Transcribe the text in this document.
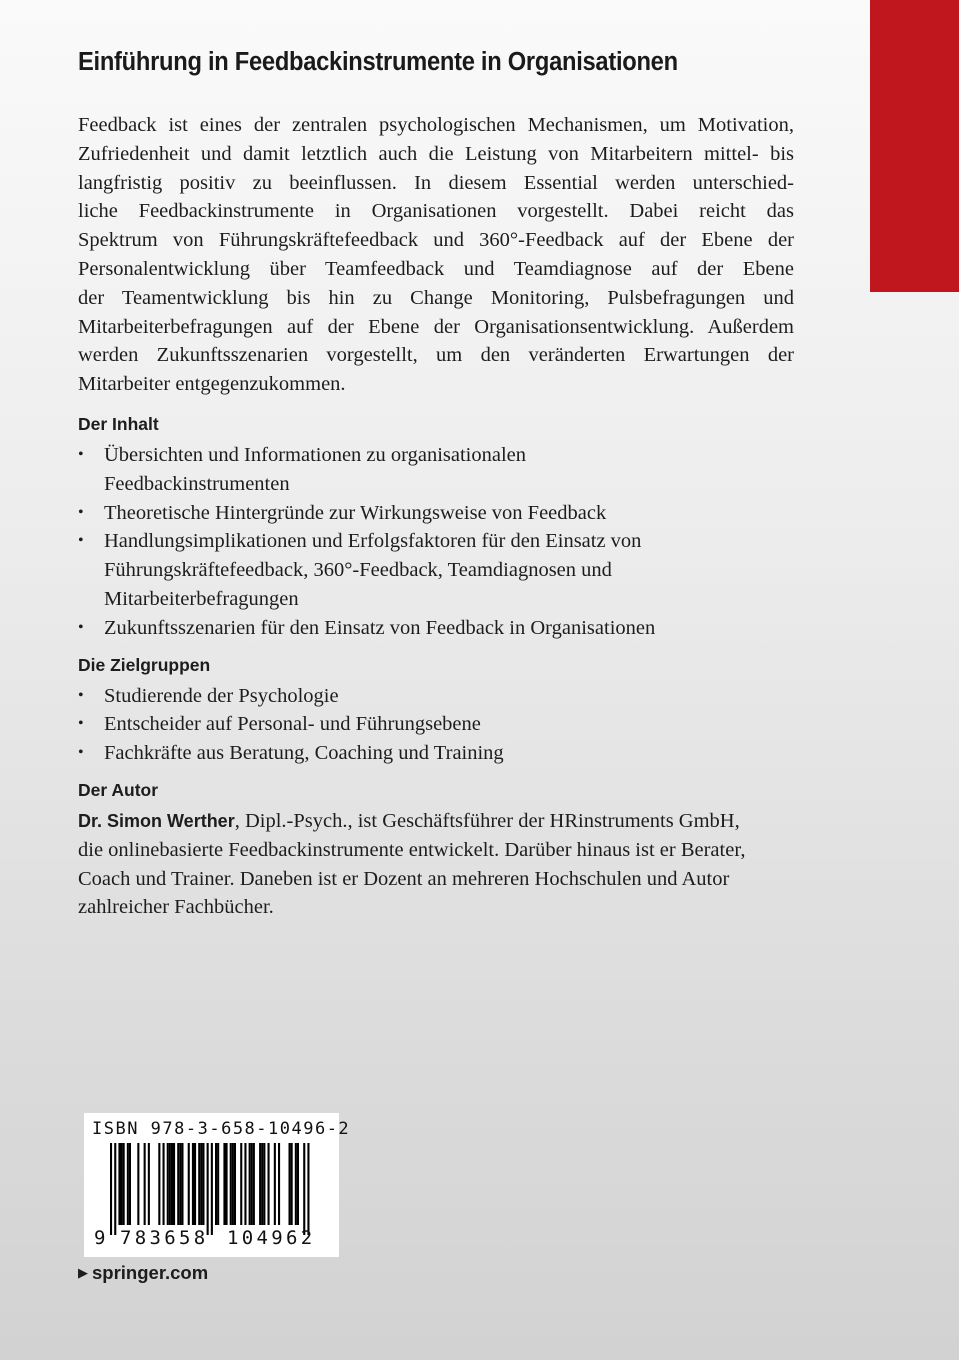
Einführung in Feedbackinstrumente in Organisationen
Feedback ist eines der zentralen psychologischen Mechanismen, um Motivation,
Zufriedenheit und damit letztlich auch die Leistung von Mitarbeitern mittel- bis
langfristig positiv zu beeinflussen. In diesem Essential werden unterschied-
liche Feedbackinstrumente in Organisationen vorgestellt. Dabei reicht das
Spektrum von Führungskräftefeedback und 360°-Feedback auf der Ebene der
Personalentwicklung über Teamfeedback und Teamdiagnose auf der Ebene
der Teamentwicklung bis hin zu Change Monitoring, Pulsbefragungen und
Mitarbeiterbefragungen auf der Ebene der Organisationsentwicklung. Außerdem
werden Zukunftsszenarien vorgestellt, um den veränderten Erwartungen der
Mitarbeiter entgegenzukommen.
Der Inhalt
• Übersichten und Informationen zu organisationalen Feedbackinstrumenten
• Theoretische Hintergründe zur Wirkungsweise von Feedback
• Handlungsimplikationen und Erfolgsfaktoren für den Einsatz von Führungskräftefeedback, 360°-Feedback, Teamdiagnosen und Mitarbeiterbefragungen
• Zukunftsszenarien für den Einsatz von Feedback in Organisationen
Die Zielgruppen
• Studierende der Psychologie
• Entscheider auf Personal- und Führungsebene
• Fachkräfte aus Beratung, Coaching und Training
Der Autor
Dr. Simon Werther, Dipl.-Psych., ist Geschäftsführer der HRinstruments GmbH,
die onlinebasierte Feedbackinstrumente entwickelt. Darüber hinaus ist er Berater,
Coach und Trainer. Daneben ist er Dozent an mehreren Hochschulen und Autor
zahlreicher Fachbücher.
ISBN 978-3-658-10496-2
9 783658 104962
▶ springer.com
